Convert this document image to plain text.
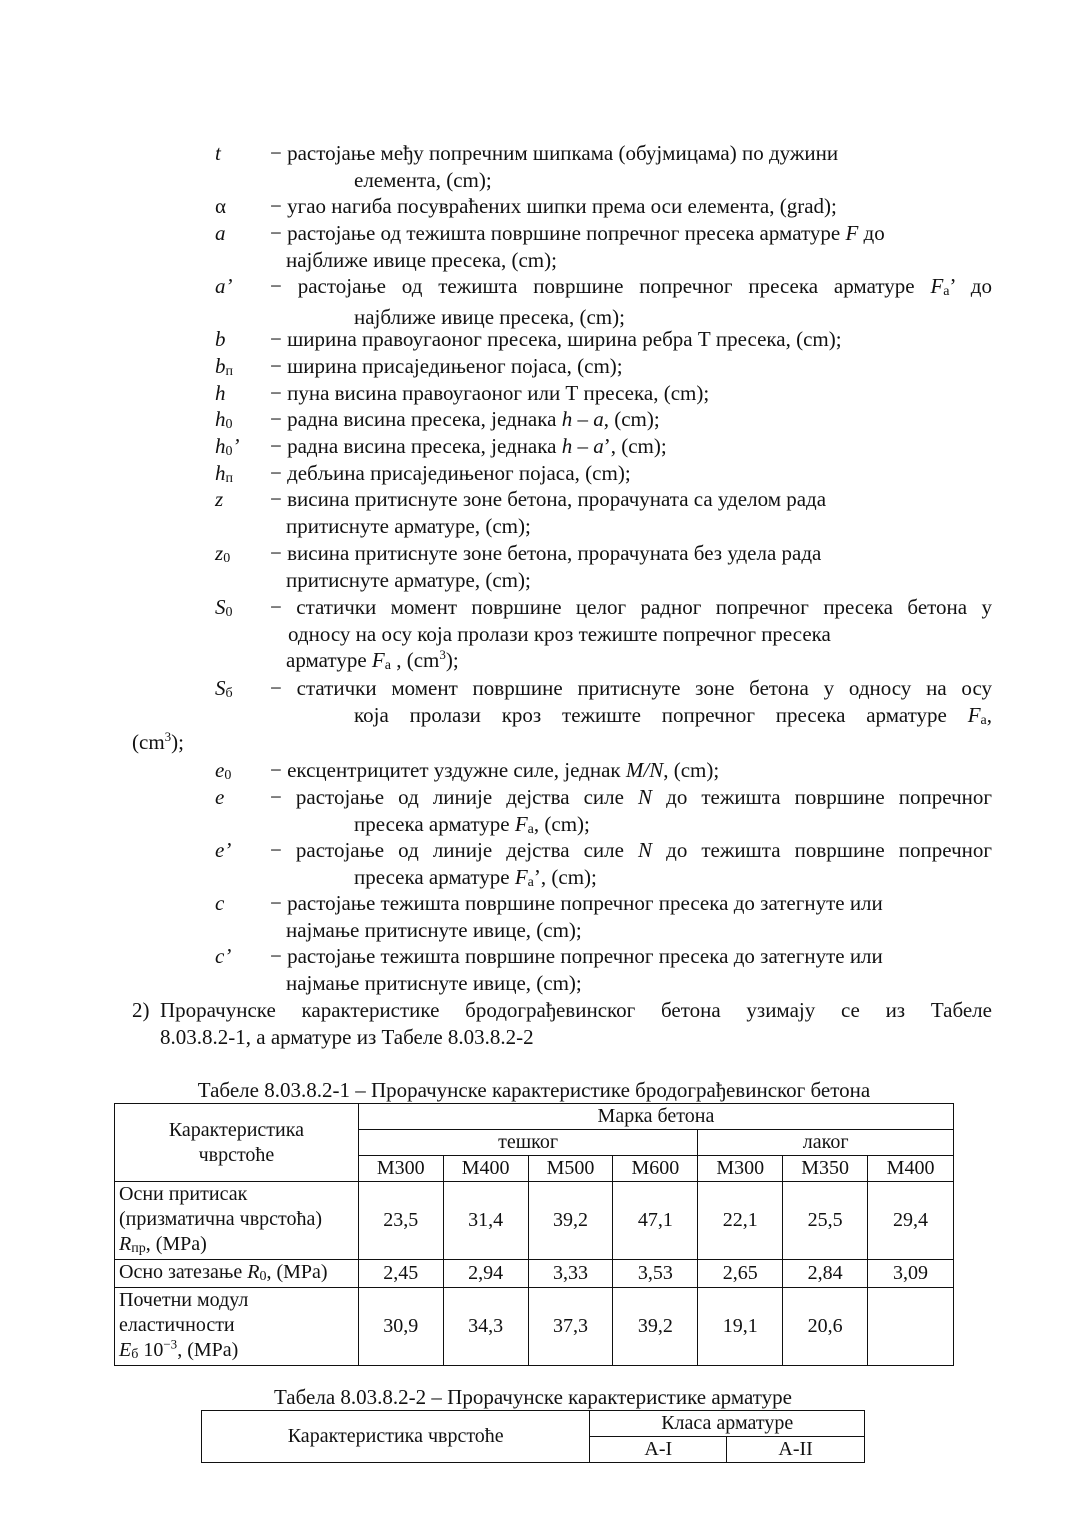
t − растојање међу попречним шипкама (обујмицама) по дужини
елемента, (cm);
α − угао нагиба посувраћених шипки према оси елемента, (grad);
a − растојање од тежишта површине попречног пресека арматуре F до
најближе ивице пресека, (cm);
a’ − растојање од тежишта површине попречног пресека арматуре Fa’ до
најближе ивице пресека, (cm);
b − ширина правоугаоног пресека, ширина ребра Т пресека, (cm);
bп − ширина присаједињеног појаса, (cm);
h − пуна висина правоугаоног или Т пресека, (cm);
h0 − радна висина пресека, једнака h – a, (cm);
h0’ − радна висина пресека, једнака h – a’, (cm);
hп − дебљина присаједињеног појаса, (cm);
z − висина притиснуте зоне бетона, прорачуната са уделом рада
притиснуте арматуре, (cm);
z0 − висина притиснуте зоне бетона, прорачуната без удела рада
притиснуте арматуре, (cm);
S0 − статички момент површине целог радног попречног пресека бетона у
односу на осу која пролази кроз тежиште попречног пресека
арматуре Fa , $(cm^3)$;
Sб − статички момент површине притиснуте зоне бетона у односу на осу
која пролази кроз тежиште попречног пресека арматуре Fa,
$(cm^3)$;
e0 − ексцентрицитет уздужне силе, једнак M/N, (cm);
e − растојање од линије дејства силе N до тежишта површине попречног
пресека арматуре Fa, (cm);
e’ − растојање од линије дејства силе N до тежишта површине попречног
пресека арматуре Fa’, (cm);
c − растојање тежишта површине попречног пресека до затегнуте или
најмање притиснуте ивице, (cm);
c’ − растојање тежишта површине попречног пресека до затегнуте или
најмање притиснуте ивице, (cm);
2) Прорачунске карактеристике бродограђевинског бетона узимају се из Табеле
8.03.8.2-1, а арматуре из Табеле 8.03.8.2-2
Табеле 8.03.8.2-1 – Прорачунске карактеристике бродограђевинског бетона
Карактеристика
чврстоће	Марка бетона						
	тешког				лаког		
	M300	M400	M500	M600	M300	M350	M400

Осни притисак
(призматична чврстоћа)
Rпр, (MPa)	23,5	31,4	39,2	47,1	22,1	25,5	29,4
Осно затезање R0, (MPa)	2,45	2,94	3,33	3,53	2,65	2,84	3,09

Почетни модул
еластичности
Eб $10^{-3}$, (MPa)	30,9	34,3	37,3	39,2	19,1	20,6	
Табела 8.03.8.2-2 – Прорачунске карактеристике арматуре
Карактеристика чврстоће	Класа арматуре	
	A-I	A-II
